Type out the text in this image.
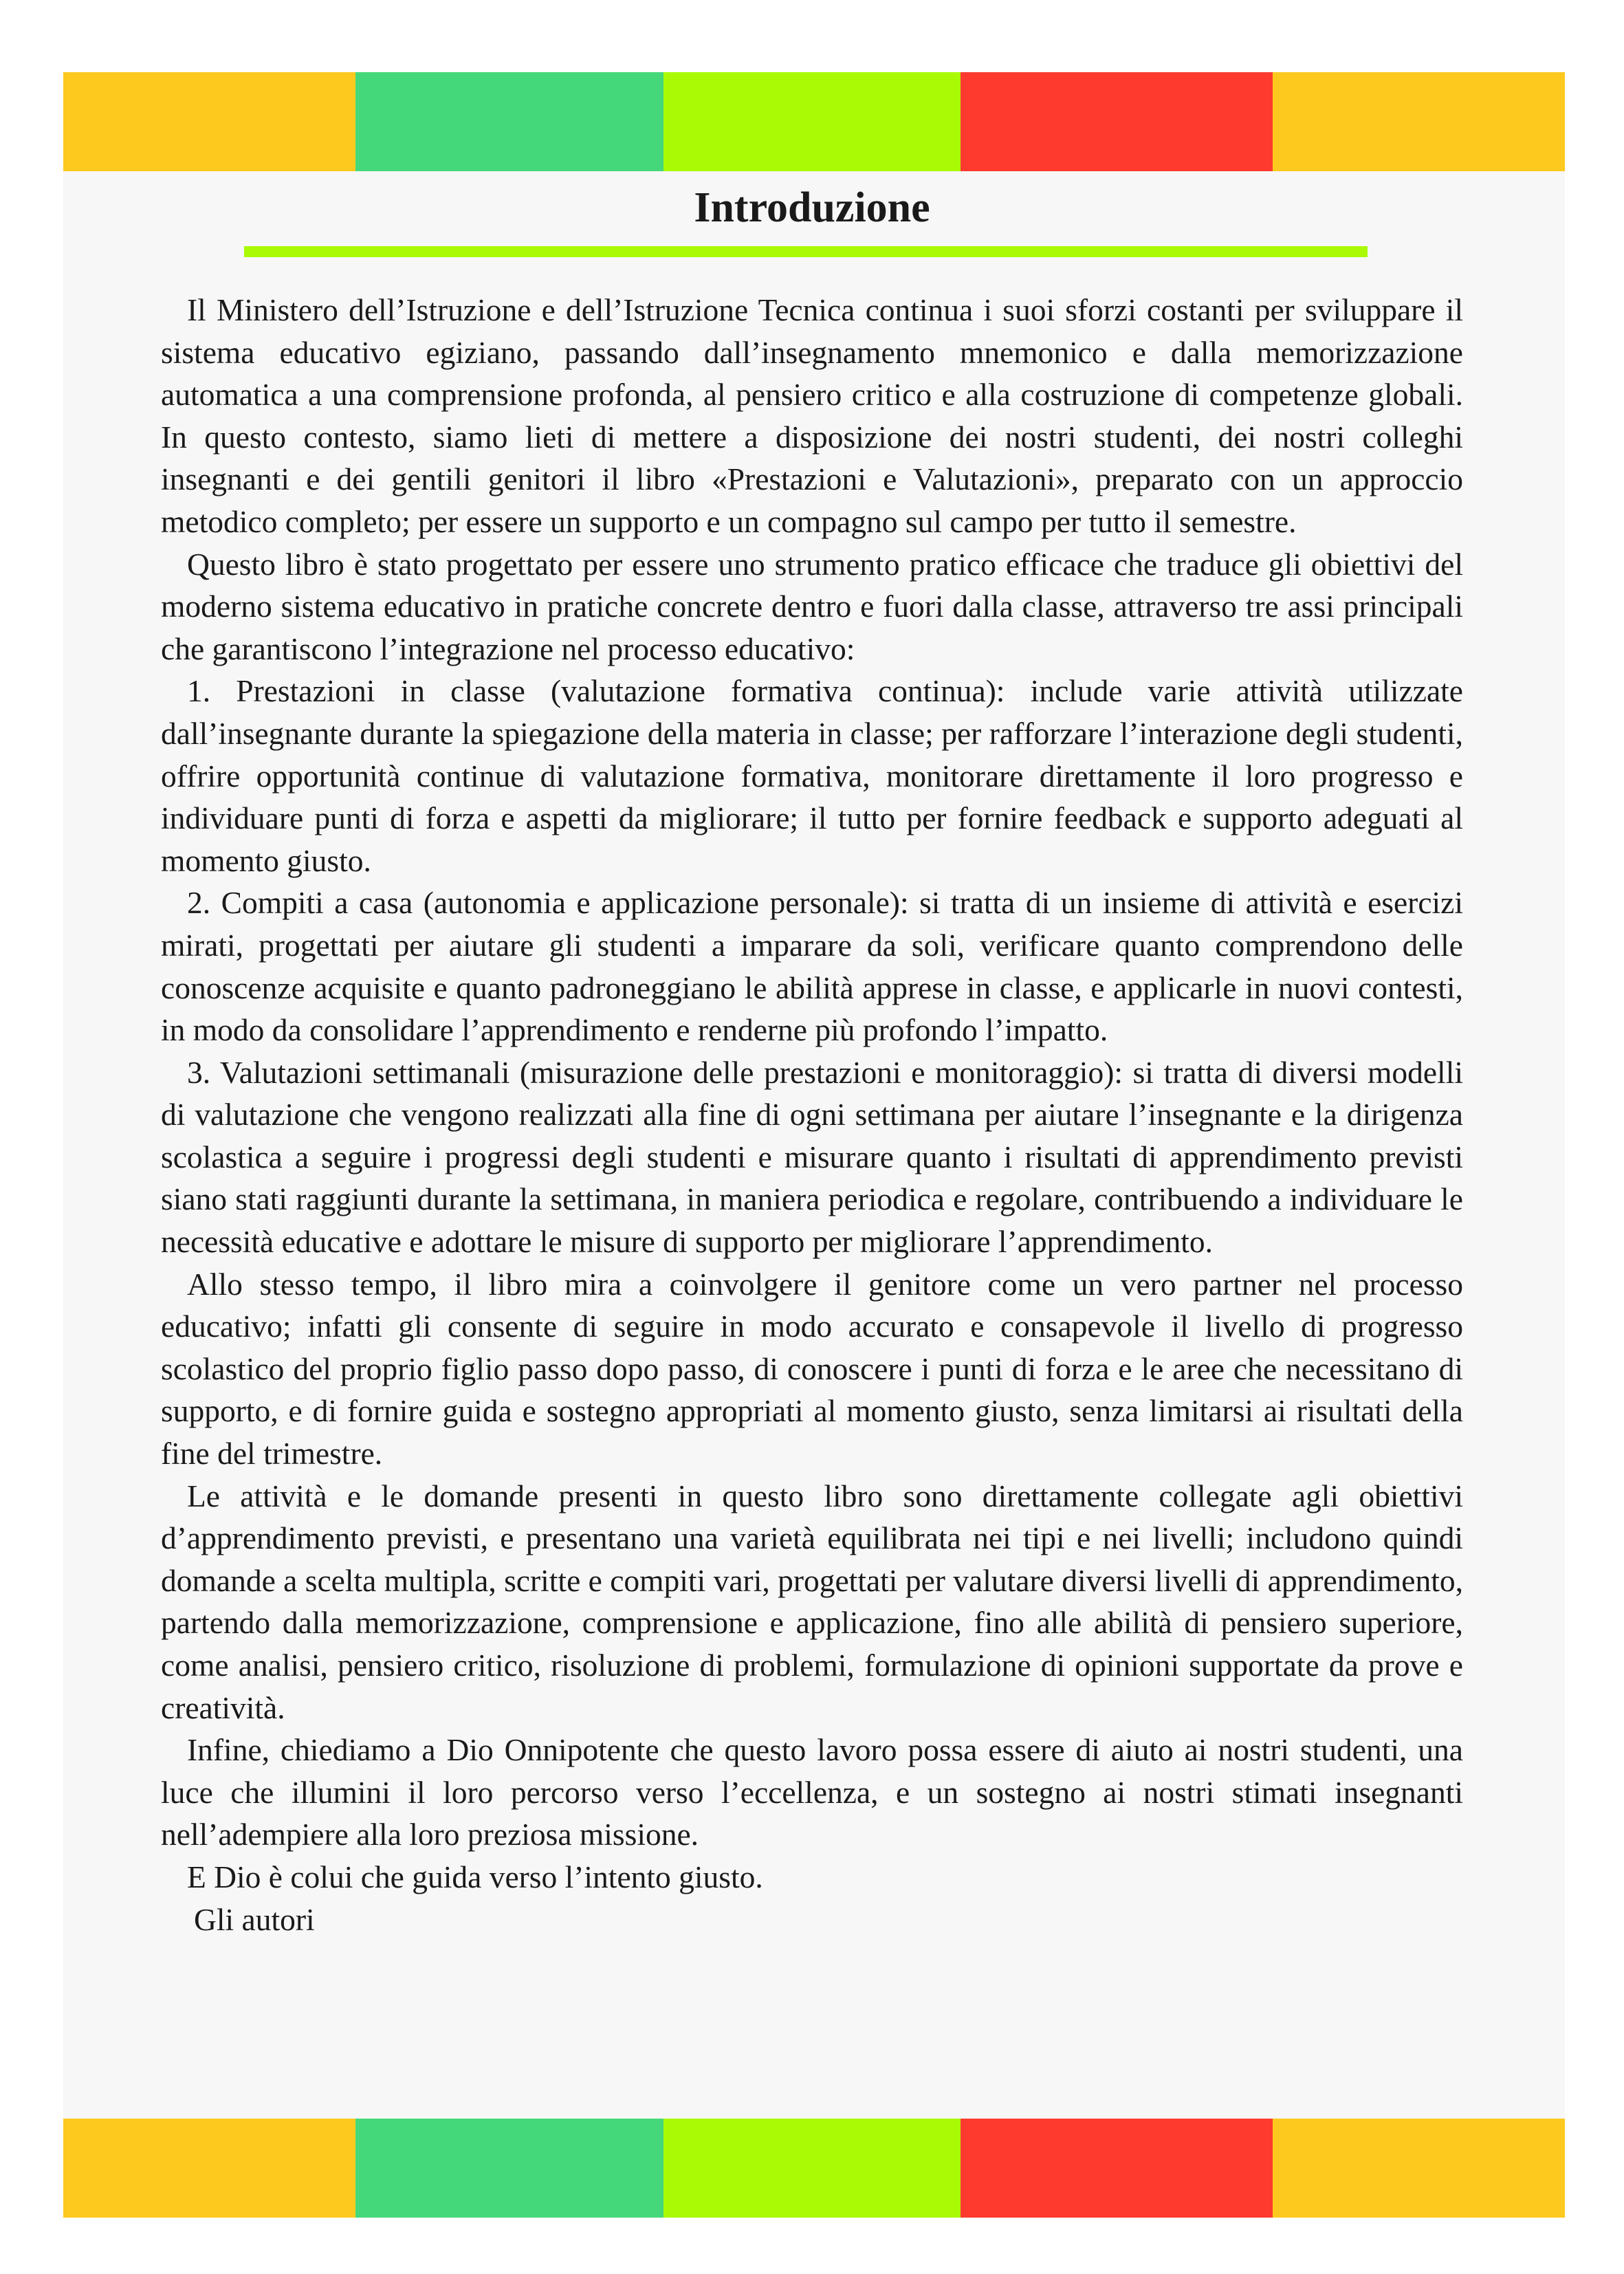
Introduzione

Il Ministero dell’Istruzione e dell’Istruzione Tecnica continua i suoi sforzi costanti per sviluppare il sistema educativo egiziano, passando dall’insegnamento mnemonico e dalla memorizzazione automatica a una comprensione profonda, al pensiero critico e alla costruzione di competenze globali. In questo contesto, siamo lieti di mettere a disposizione dei nostri studenti, dei nostri colleghi insegnanti e dei gentili genitori il libro «Prestazioni e Valutazioni», preparato con un approccio metodico completo; per essere un supporto e un compagno sul campo per tutto il semestre.

Questo libro è stato progettato per essere uno strumento pratico efficace che traduce gli obiettivi del moderno sistema educativo in pratiche concrete dentro e fuori dalla classe, attraverso tre assi principali che garantiscono l’integrazione nel processo educativo:

1. Prestazioni in classe (valutazione formativa continua): include varie attività utilizzate dall’insegnante durante la spiegazione della materia in classe; per rafforzare l’interazione degli studenti, offrire opportunità continue di valutazione formativa, monitorare direttamente il loro progresso e individuare punti di forza e aspetti da migliorare; il tutto per fornire feedback e supporto adeguati al momento giusto.

2. Compiti a casa (autonomia e applicazione personale): si tratta di un insieme di attività e esercizi mirati, progettati per aiutare gli studenti a imparare da soli, verificare quanto comprendono delle conoscenze acquisite e quanto padroneggiano le abilità apprese in classe, e applicarle in nuovi contesti, in modo da consolidare l’apprendimento e renderne più profondo l’impatto.

3. Valutazioni settimanali (misurazione delle prestazioni e monitoraggio): si tratta di diversi modelli di valutazione che vengono realizzati alla fine di ogni settimana per aiutare l’insegnante e la dirigenza scolastica a seguire i progressi degli studenti e misurare quanto i risultati di apprendimento previsti siano stati raggiunti durante la settimana, in maniera periodica e regolare, contribuendo a individuare le necessità educative e adottare le misure di supporto per migliorare l’apprendimento.

Allo stesso tempo, il libro mira a coinvolgere il genitore come un vero partner nel processo educativo; infatti gli consente di seguire in modo accurato e consapevole il livello di progresso scolastico del proprio figlio passo dopo passo, di conoscere i punti di forza e le aree che necessitano di supporto, e di fornire guida e sostegno appropriati al momento giusto, senza limitarsi ai risultati della fine del trimestre.

Le attività e le domande presenti in questo libro sono direttamente collegate agli obiettivi d’apprendimento previsti, e presentano una varietà equilibrata nei tipi e nei livelli; includono quindi domande a scelta multipla, scritte e compiti vari, progettati per valutare diversi livelli di apprendimento, partendo dalla memorizzazione, comprensione e applicazione, fino alle abilità di pensiero superiore, come analisi, pensiero critico, risoluzione di problemi, formulazione di opinioni supportate da prove e creatività.

Infine, chiediamo a Dio Onnipotente che questo lavoro possa essere di aiuto ai nostri studenti, una luce che illumini il loro percorso verso l’eccellenza, e un sostegno ai nostri stimati insegnanti nell’adempiere alla loro preziosa missione.

E Dio è colui che guida verso l’intento giusto.

Gli autori
